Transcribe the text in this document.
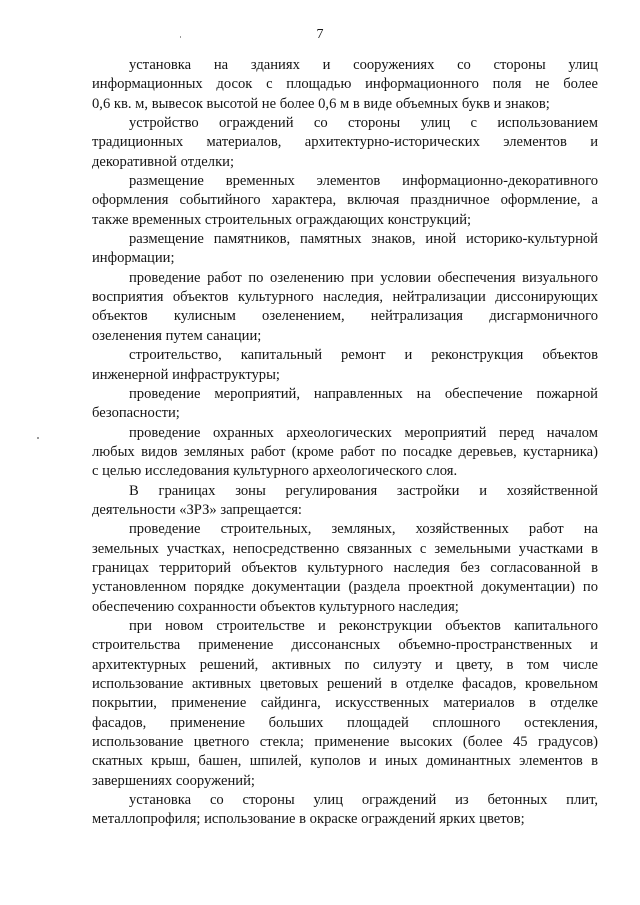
7

установка на зданиях и сооружениях со стороны улиц
информационных досок с площадью информационного поля не более
0,6 кв. м, вывесок высотой не более 0,6 м в виде объемных букв и знаков;

устройство ограждений со стороны улиц с использованием
традиционных материалов, архитектурно-исторических элементов и
декоративной отделки;

размещение временных элементов информационно-декоративного
оформления событийного характера, включая праздничное оформление, а
также временных строительных ограждающих конструкций;

размещение памятников, памятных знаков, иной историко-культурной
информации;

проведение работ по озеленению при условии обеспечения визуального
восприятия объектов культурного наследия, нейтрализации диссонирующих
объектов кулисным озеленением, нейтрализация дисгармоничного
озеленения путем санации;

строительство, капитальный ремонт и реконструкция объектов
инженерной инфраструктуры;

проведение мероприятий, направленных на обеспечение пожарной
безопасности;

проведение охранных археологических мероприятий перед началом
любых видов земляных работ (кроме работ по посадке деревьев, кустарника)
с целью исследования культурного археологического слоя.

В границах зоны регулирования застройки и хозяйственной
деятельности «ЗРЗ» запрещается:

проведение строительных, земляных, хозяйственных работ на
земельных участках, непосредственно связанных с земельными участками в
границах территорий объектов культурного наследия без согласованной в
установленном порядке документации (раздела проектной документации) по
обеспечению сохранности объектов культурного наследия;

при новом строительстве и реконструкции объектов капитального
строительства применение диссонансных объемно-пространственных и
архитектурных решений, активных по силуэту и цвету, в том числе
использование активных цветовых решений в отделке фасадов, кровельном
покрытии, применение сайдинга, искусственных материалов в отделке
фасадов, применение больших площадей сплошного остекления,
использование цветного стекла; применение высоких (более 45 градусов)
скатных крыш, башен, шпилей, куполов и иных доминантных элементов в
завершениях сооружений;

установка со стороны улиц ограждений из бетонных плит,
металлопрофиля; использование в окраске ограждений ярких цветов;
